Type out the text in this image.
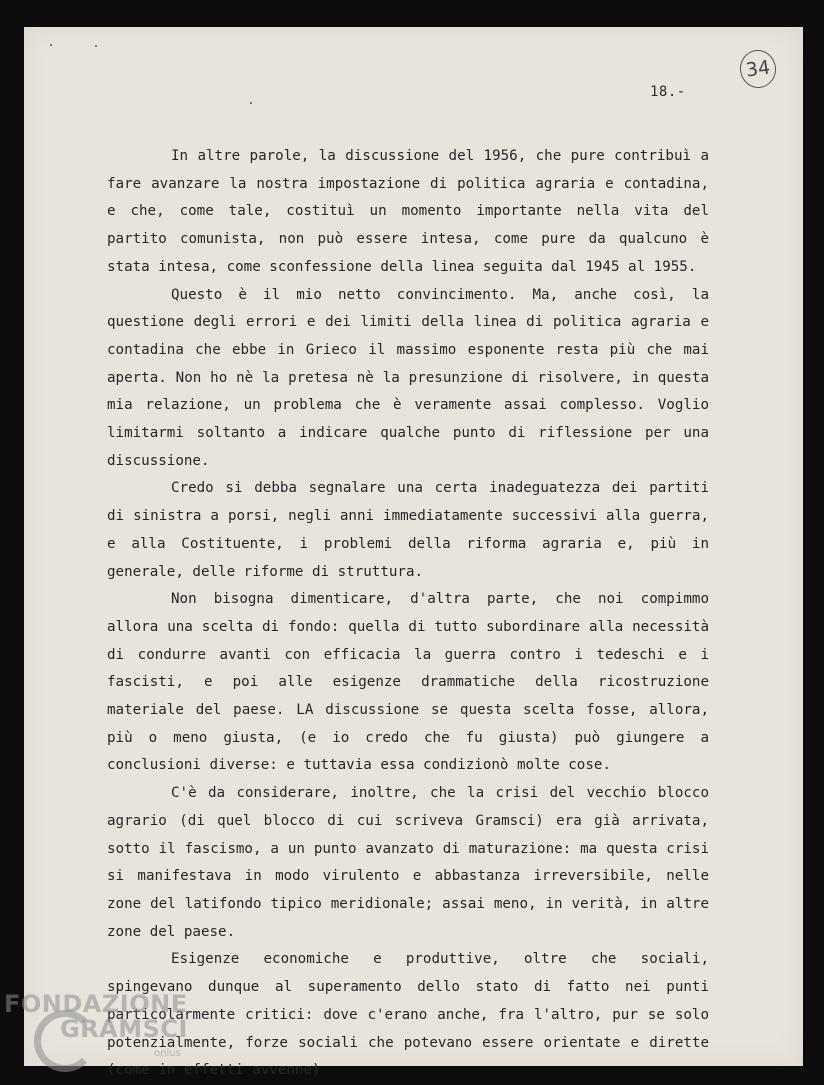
18.-
34

In altre parole, la discussione del 1956, che pure contribuì a fare avanzare la nostra impostazione di politica agraria e contadina, e che, come tale, costituì un momento importante nella vita del partito comunista, non può essere intesa, come pure da qualcuno è stata intesa, come sconfessione della linea seguita dal 1945 al 1955.

Questo è il mio netto convincimento. Ma, anche così, la questione degli errori e dei limiti della linea di politica agraria e contadina che ebbe in Grieco il massimo esponente resta più che mai aperta. Non ho nè la pretesa nè la presunzione di risolvere, in questa mia relazione, un problema che è veramente assai complesso. Voglio limitarmi soltanto a indicare qualche punto di riflessione per una discussione.

Credo si debba segnalare una certa inadeguatezza dei partiti di sinistra a porsi, negli anni immediatamente successivi alla guerra, e alla Costituente, i problemi della riforma agraria e, più in generale, delle riforme di struttura.

Non bisogna dimenticare, d'altra parte, che noi compimmo allora una scelta di fondo: quella di tutto subordinare alla necessità di condurre avanti con efficacia la guerra contro i tedeschi e i fascisti, e poi alle esigenze drammatiche della ricostruzione materiale del paese. LA discussione se questa scelta fosse, allora, più o meno giusta, (e io credo che fu giusta) può giungere a conclusioni diverse: e tuttavia essa condizionò molte cose.

C'è da considerare, inoltre, che la crisi del vecchio blocco agrario (di quel blocco di cui scriveva Gramsci) era già arrivata, sotto il fascismo, a un punto avanzato di maturazione: ma questa crisi si manifestava in modo virulento e abbastanza irreversibile, nelle zone del latifondo tipico meridionale; assai meno, in verità, in altre zone del paese.

Esigenze economiche e produttive, oltre che sociali, spingevano dunque al superamento dello stato di fatto nei punti particolarmente critici: dove c'erano anche, fra l'altro, pur se solo potenzialmente, forze sociali che potevano essere orientate e dirette (come in effetti avvenne)

FONDAZIONE
GRAMSCI
onlus
